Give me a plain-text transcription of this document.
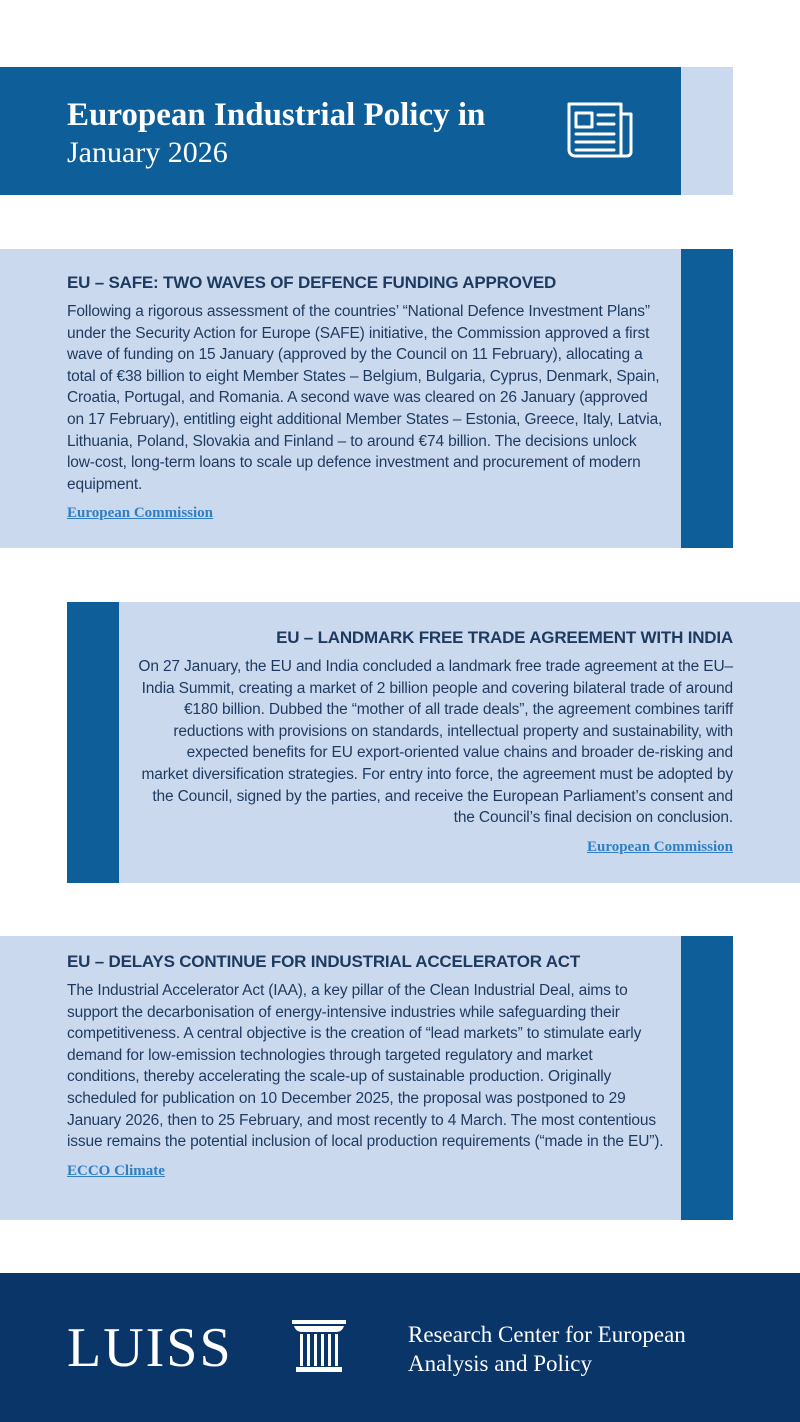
European Industrial Policy in
January 2026
EU – SAFE: TWO WAVES OF DEFENCE FUNDING APPROVED

Following a rigorous assessment of the countries’ “National Defence Investment Plans” under the Security Action for Europe (SAFE) initiative, the Commission approved a first wave of funding on 15 January (approved by the Council on 11 February), allocating a total of €38 billion to eight Member States – Belgium, Bulgaria, Cyprus, Denmark, Spain, Croatia, Portugal, and Romania. A second wave was cleared on 26 January (approved on 17 February), entitling eight additional Member States – Estonia, Greece, Italy, Latvia, Lithuania, Poland, Slovakia and Finland – to around €74 billion. The decisions unlock low-cost, long-term loans to scale up defence investment and procurement of modern equipment.

European Commission
EU – LANDMARK FREE TRADE AGREEMENT WITH INDIA

On 27 January, the EU and India concluded a landmark free trade agreement at the EU–India Summit, creating a market of 2 billion people and covering bilateral trade of around €180 billion. Dubbed the “mother of all trade deals”, the agreement combines tariff reductions with provisions on standards, intellectual property and sustainability, with expected benefits for EU export-oriented value chains and broader de-risking and market diversification strategies. For entry into force, the agreement must be adopted by the Council, signed by the parties, and receive the European Parliament’s consent and the Council’s final decision on conclusion.

European Commission
EU – DELAYS CONTINUE FOR INDUSTRIAL ACCELERATOR ACT

The Industrial Accelerator Act (IAA), a key pillar of the Clean Industrial Deal, aims to support the decarbonisation of energy-intensive industries while safeguarding their competitiveness. A central objective is the creation of “lead markets” to stimulate early demand for low-emission technologies through targeted regulatory and market conditions, thereby accelerating the scale-up of sustainable production. Originally scheduled for publication on 10 December 2025, the proposal was postponed to 29 January 2026, then to 25 February, and most recently to 4 March. The most contentious issue remains the potential inclusion of local production requirements (“made in the EU”).

ECCO Climate
LUISS	Research Center for European
Analysis and Policy
